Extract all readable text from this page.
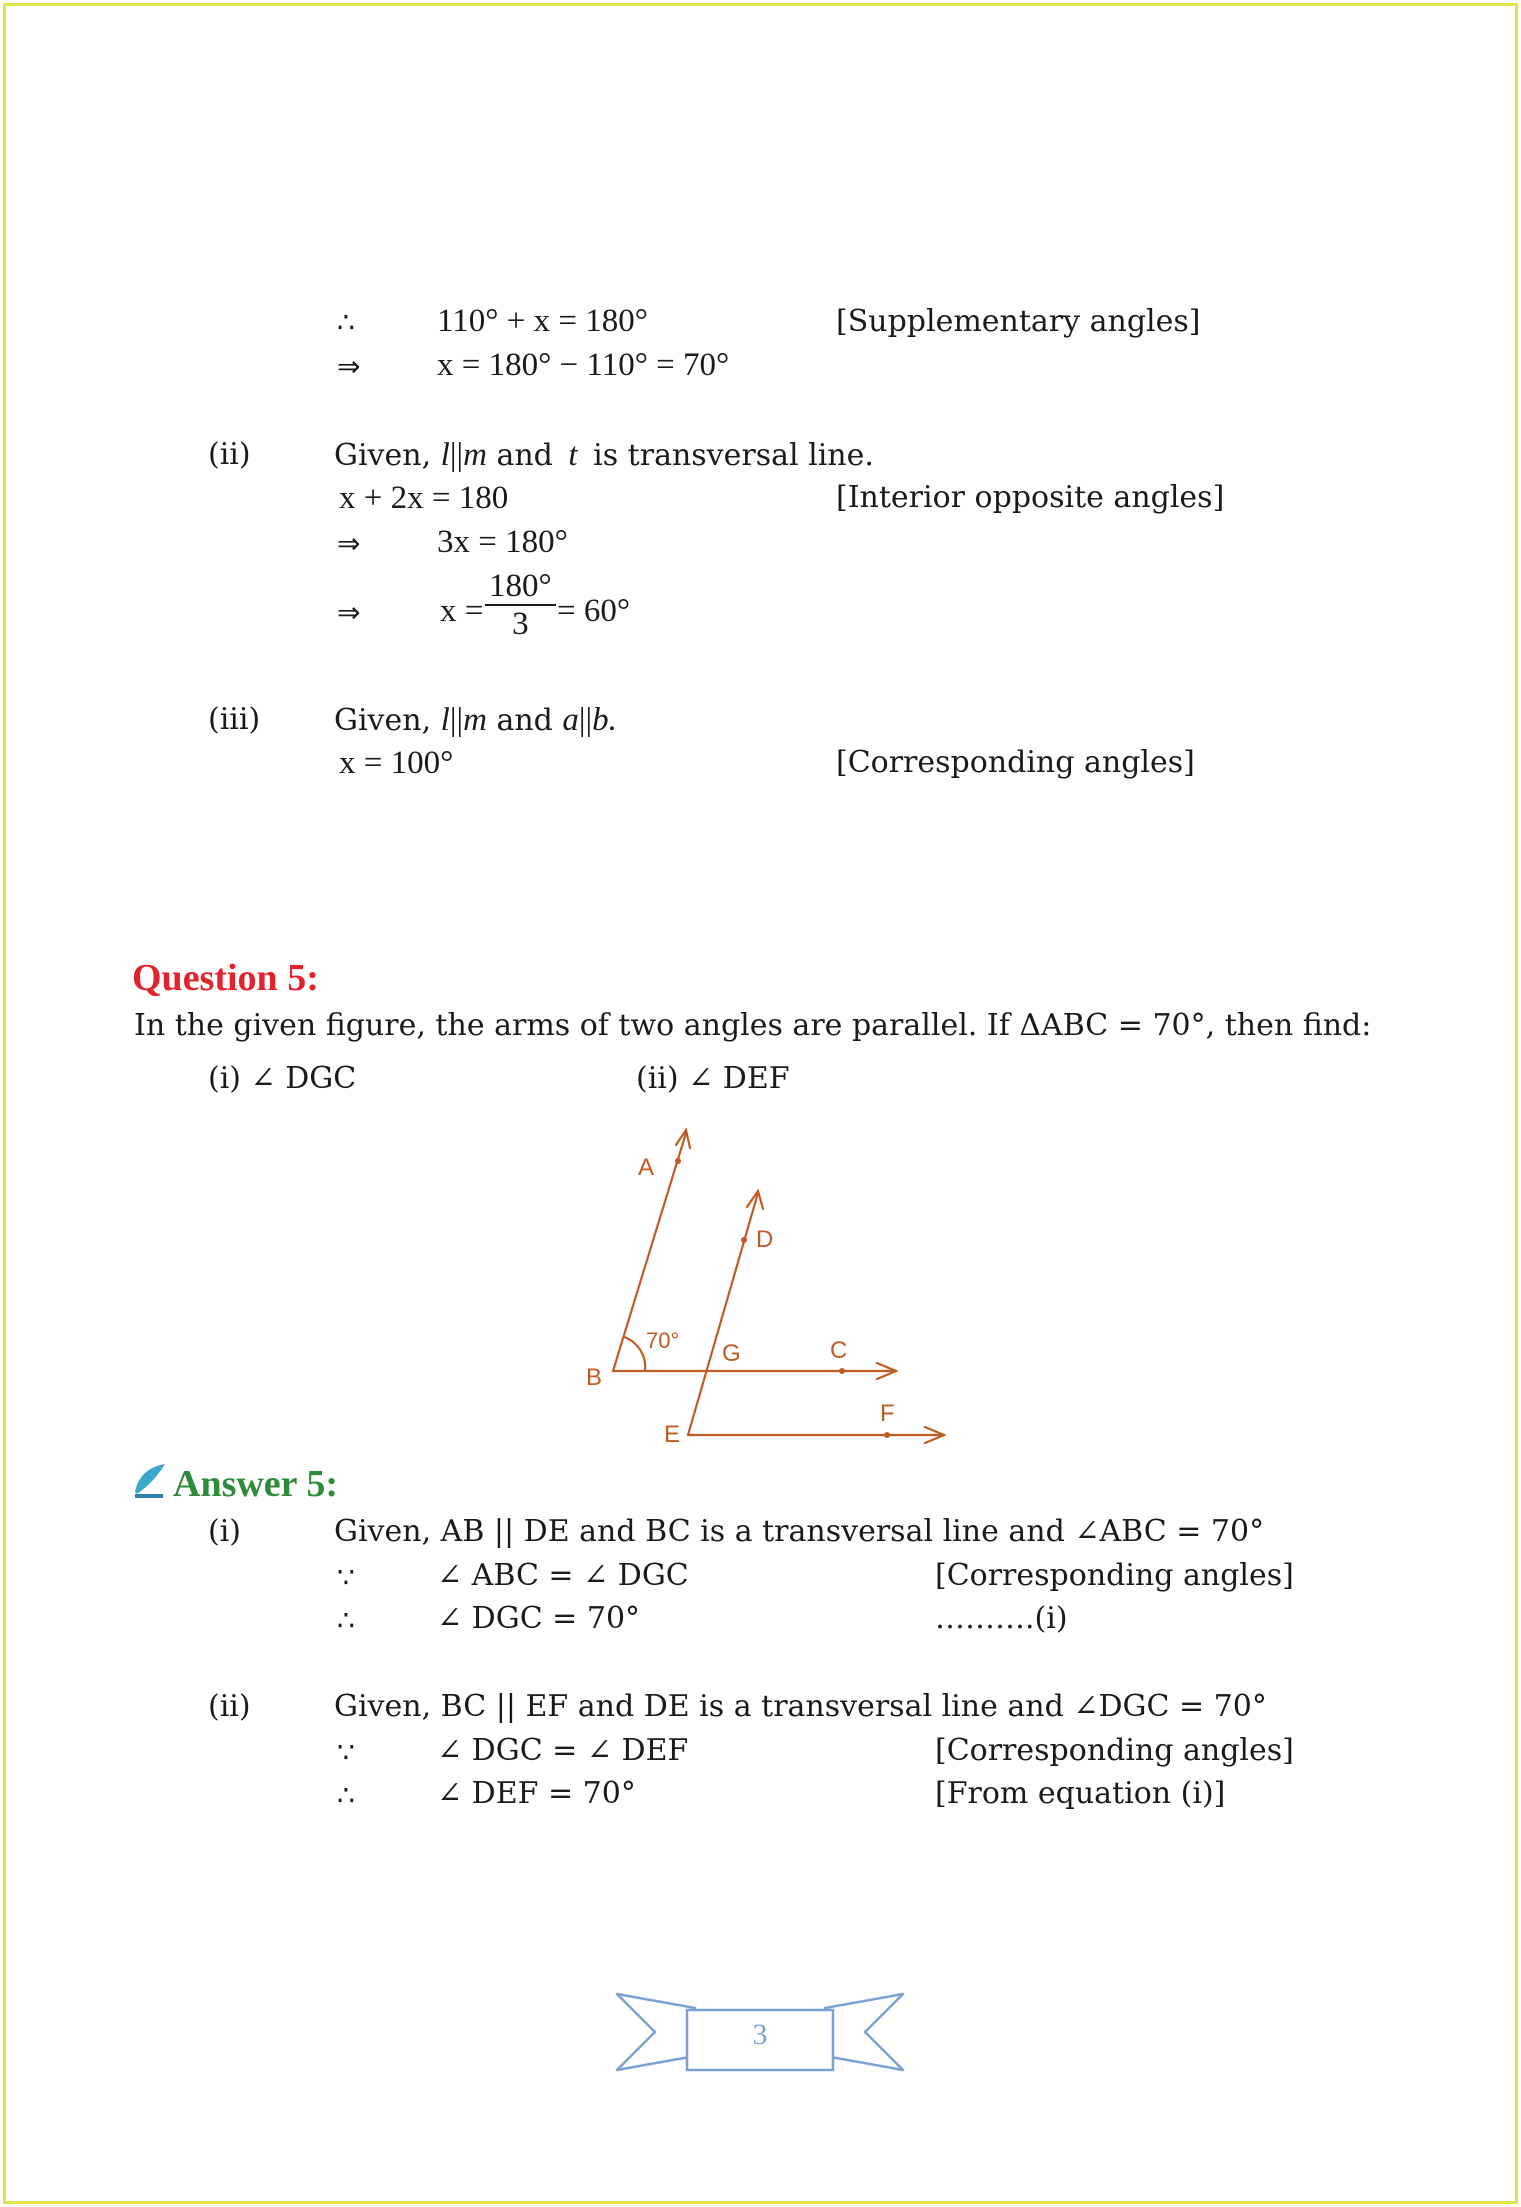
∴ 110° + x = 180°	[Supplementary angles]
⇒ x = 180° − 110° = 70°
(ii)	Given, l||m and t is transversal line.
x + 2x = 180	[Interior opposite angles]
⇒ 3x = 180°
⇒ $x = \frac{180^\circ}{3} = 60^\circ$
(iii) Given, l||m and a||b.
x = 100°	[Corresponding angles]
Question 5:
In the given figure, the arms of two angles are parallel. If ΔABC = 70°, then find:
(i) ∠ DGC	(ii) ∠ DEF
A
D
B
G	C
E
F
70°
Answer 5:
(i)	Given, AB || DE and BC is a transversal line and ∠ABC = 70°
∵	∠ ABC = ∠ DGC	[Corresponding angles]
∴	∠ DGC = 70°	……….(i)
(ii)	Given, BC || EF and DE is a transversal line and ∠DGC = 70°
∵	∠ DGC = ∠ DEF	[Corresponding angles]
∴	∠ DEF = 70°	[From equation (i)]
3
